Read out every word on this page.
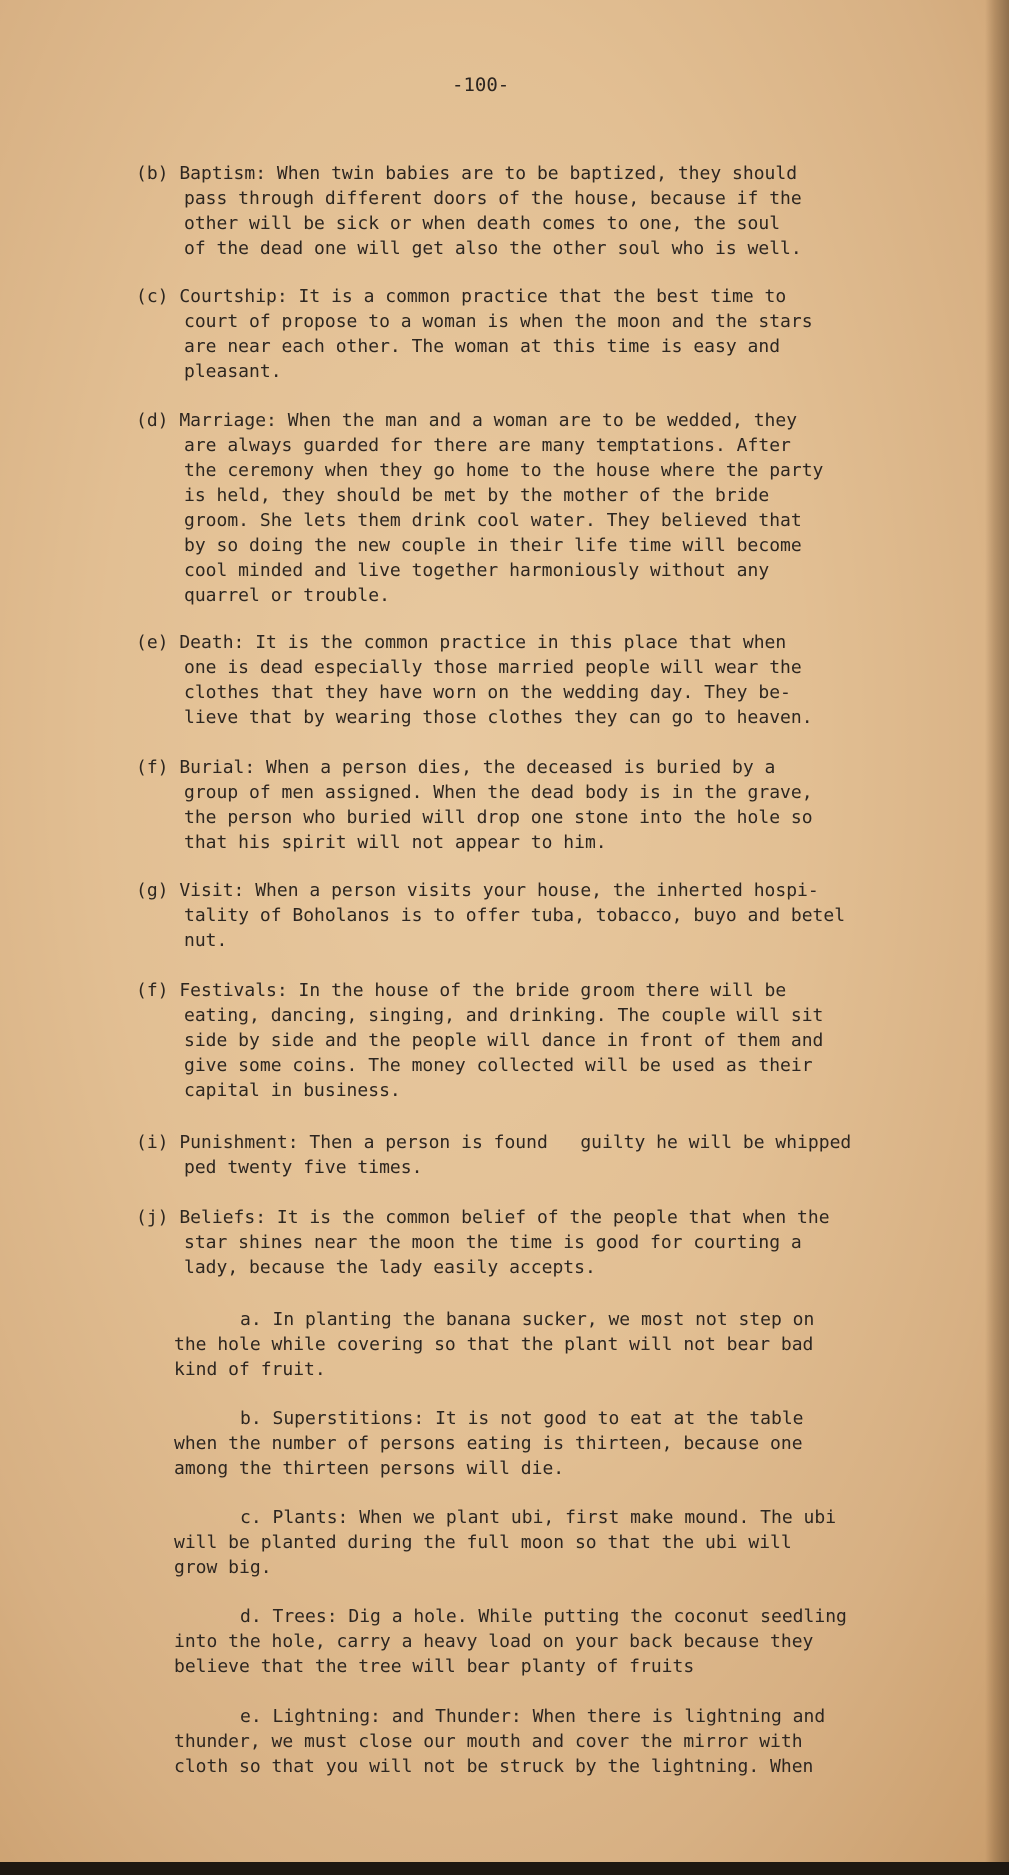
-100-
(b) Baptism: When twin babies are to be baptized, they should
pass through different doors of the house, because if the
other will be sick or when death comes to one, the soul
of the dead one will get also the other soul who is well.
(c) Courtship: It is a common practice that the best time to
court of propose to a woman is when the moon and the stars
are near each other. The woman at this time is easy and
pleasant.
(d) Marriage: When the man and a woman are to be wedded, they
are always guarded for there are many temptations. After
the ceremony when they go home to the house where the party
is held, they should be met by the mother of the bride
groom. She lets them drink cool water. They believed that
by so doing the new couple in their life time will become
cool minded and live together harmoniously without any
quarrel or trouble.
(e) Death: It is the common practice in this place that when
one is dead especially those married people will wear the
clothes that they have worn on the wedding day. They be-
lieve that by wearing those clothes they can go to heaven.
(f) Burial: When a person dies, the deceased is buried by a
group of men assigned. When the dead body is in the grave,
the person who buried will drop one stone into the hole so
that his spirit will not appear to him.
(g) Visit: When a person visits your house, the inherted hospi-
tality of Boholanos is to offer tuba, tobacco, buyo and betel
nut.
(f) Festivals: In the house of the bride groom there will be
eating, dancing, singing, and drinking. The couple will sit
side by side and the people will dance in front of them and
give some coins. The money collected will be used as their
capital in business.
(i) Punishment: Then a person is found   guilty he will be whipped
ped twenty five times.
(j) Beliefs: It is the common belief of the people that when the
star shines near the moon the time is good for courting a
lady, because the lady easily accepts.
a. In planting the banana sucker, we most not step on
the hole while covering so that the plant will not bear bad
kind of fruit.
b. Superstitions: It is not good to eat at the table
when the number of persons eating is thirteen, because one
among the thirteen persons will die.
c. Plants: When we plant ubi, first make mound. The ubi
will be planted during the full moon so that the ubi will
grow big.
d. Trees: Dig a hole. While putting the coconut seedling
into the hole, carry a heavy load on your back because they
believe that the tree will bear planty of fruits
e. Lightning: and Thunder: When there is lightning and
thunder, we must close our mouth and cover the mirror with
cloth so that you will not be struck by the lightning. When
